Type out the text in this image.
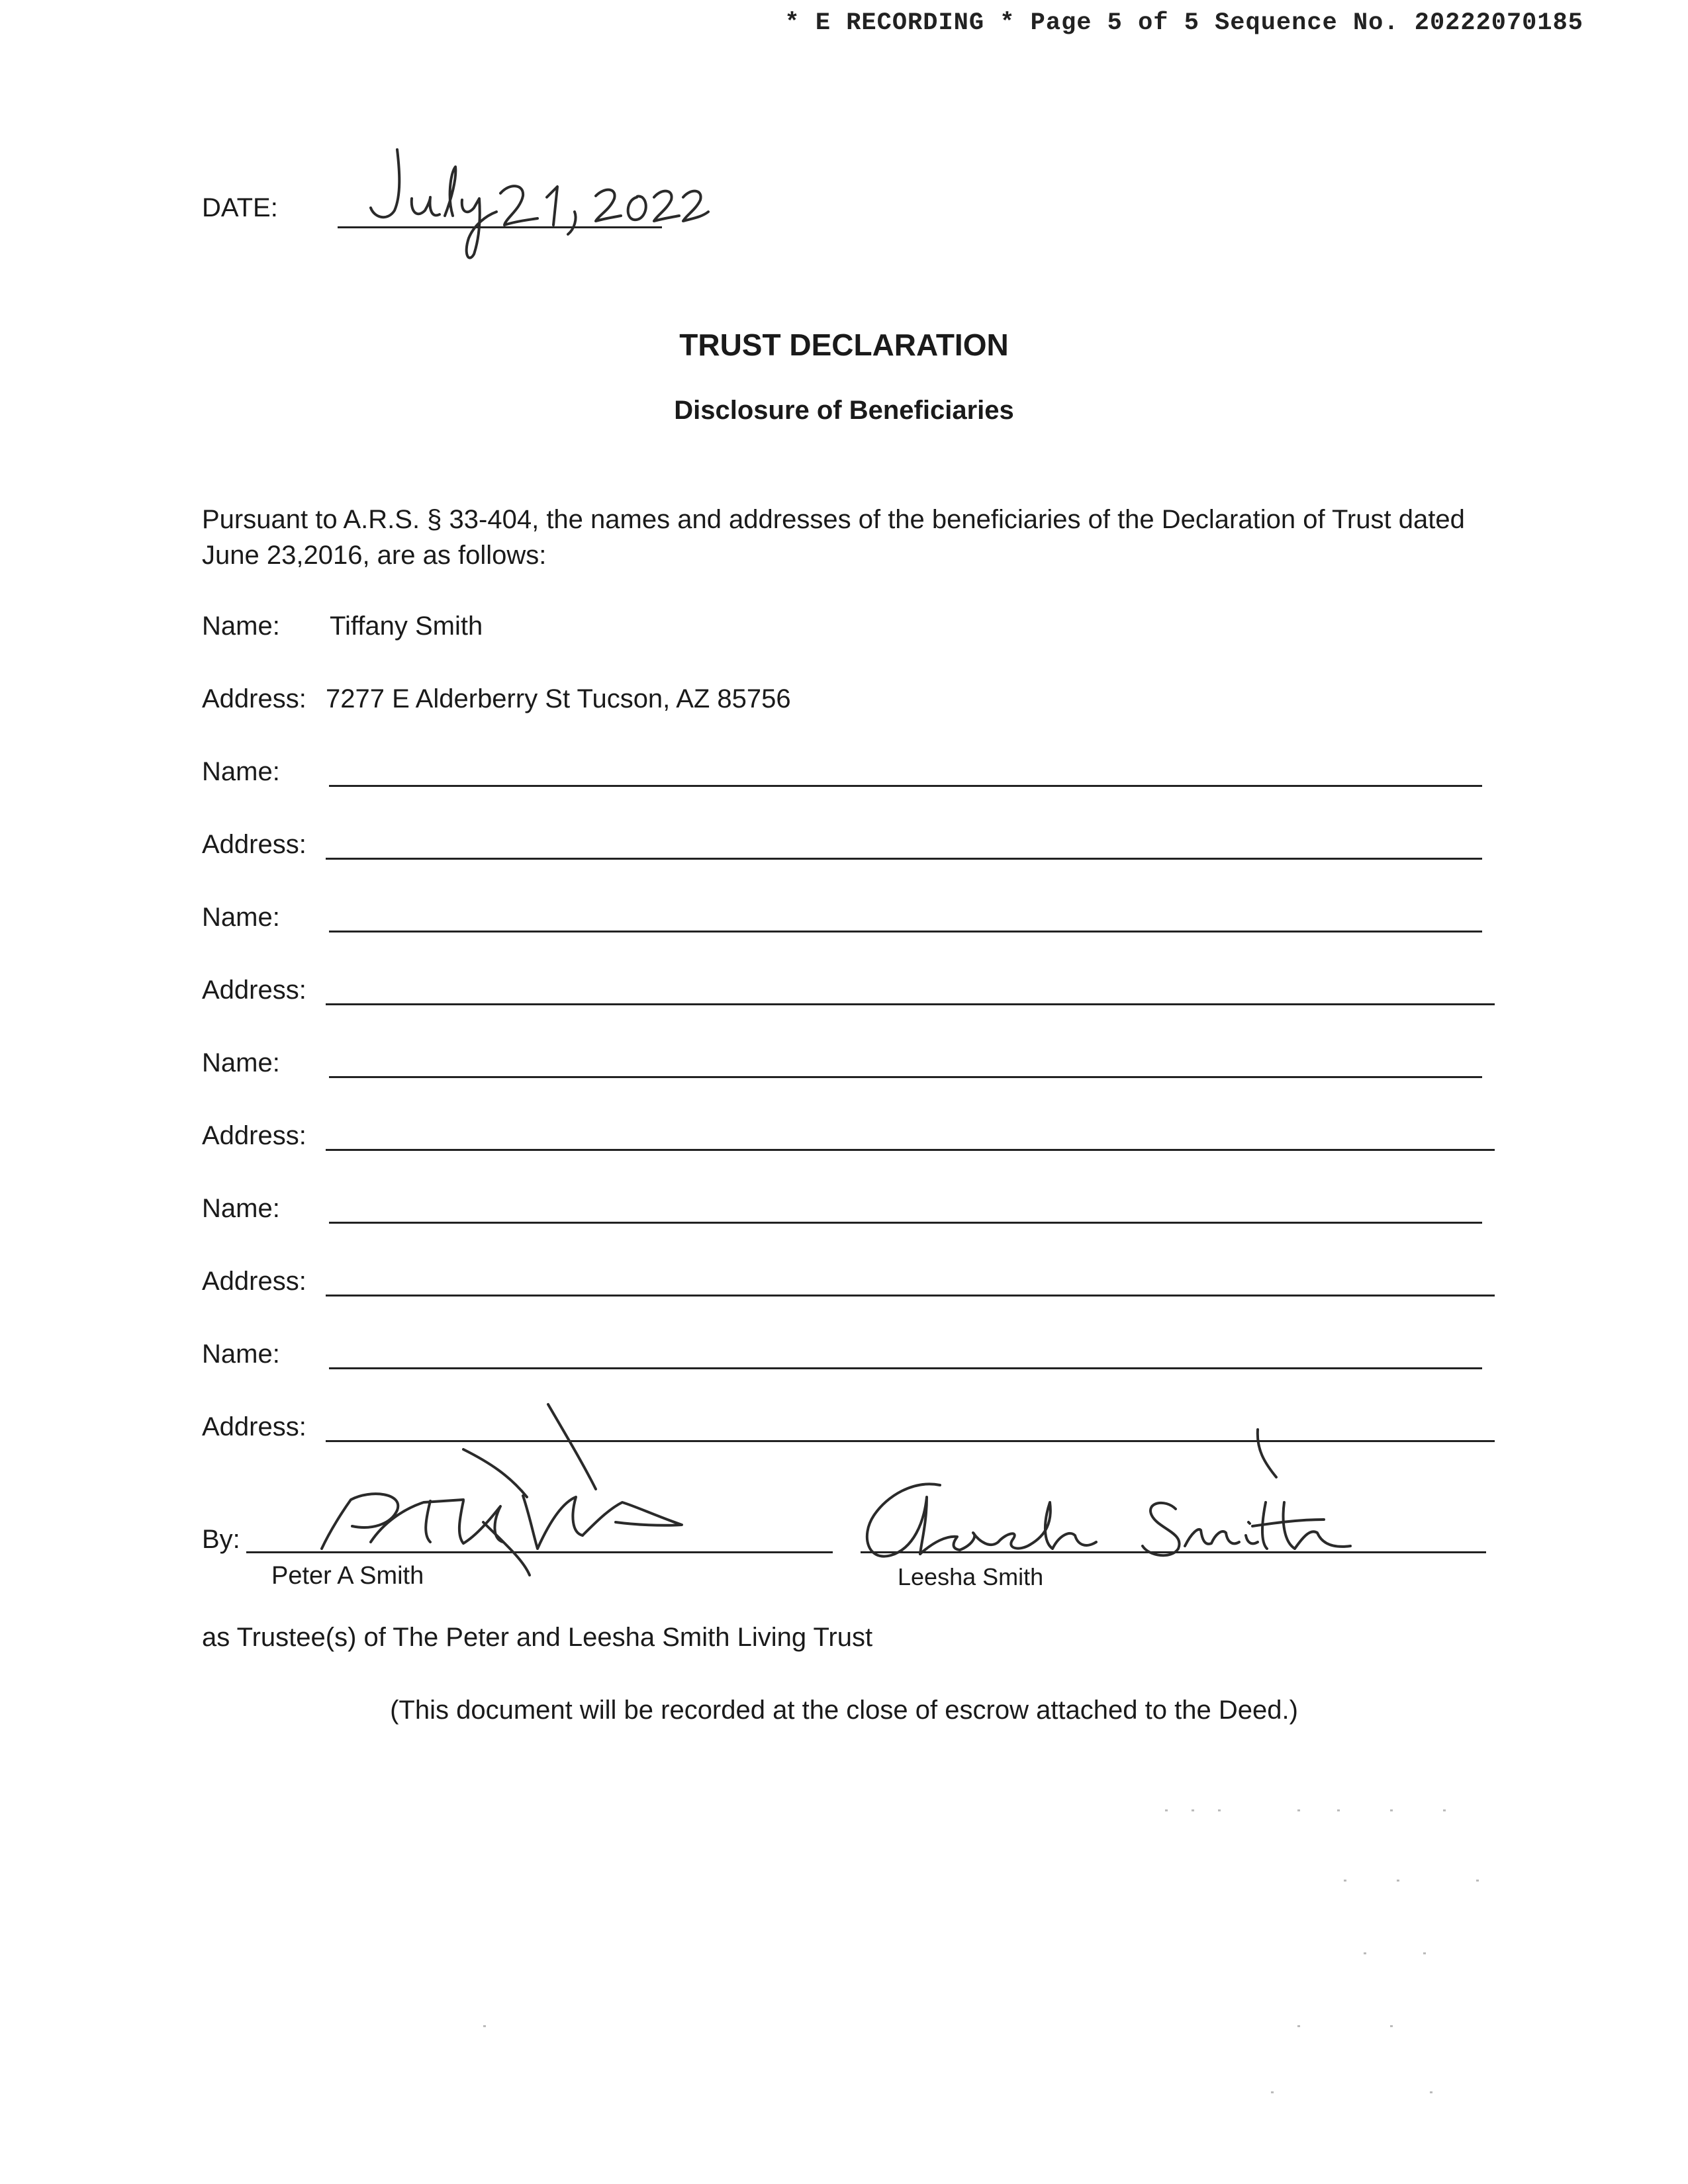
* E RECORDING * Page 5 of 5 Sequence No. 20222070185
DATE:
TRUST DECLARATION
Disclosure of Beneficiaries
Pursuant to A.R.S. § 33-404, the names and addresses of the beneficiaries of the Declaration of Trust dated June 23,2016, are as follows:
Name: Tiffany Smith
Address: 7277 E Alderberry St Tucson, AZ 85756
Name:
Address:
Name:
Address:
Name:
Address:
Name:
Address:
Name:
Address:
By:
Peter A Smith	Leesha Smith
as Trustee(s) of The Peter and Leesha Smith Living Trust
(This document will be recorded at the close of escrow attached to the Deed.)
